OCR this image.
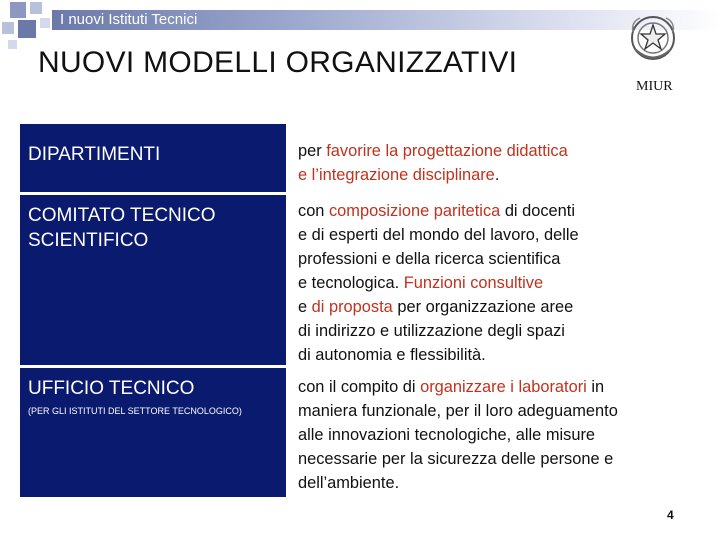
I nuovi Istituti Tecnici
NUOVI MODELLI ORGANIZZATIVI
MIUR
DIPARTIMENTI
COMITATO TECNICO
SCIENTIFICO
UFFICIO TECNICO
(PER GLI ISTITUTI DEL SETTORE TECNOLOGICO)
per favorire la progettazione didattica
e l’integrazione disciplinare.
con composizione paritetica di docenti
e di esperti del mondo del lavoro, delle
professioni e della ricerca scientifica
e tecnologica. Funzioni consultive
e di proposta per organizzazione aree
di indirizzo e utilizzazione degli spazi
di autonomia e flessibilità.
con il compito di organizzare i laboratori in
maniera funzionale, per il loro adeguamento
alle innovazioni tecnologiche, alle misure
necessarie per la sicurezza delle persone e
dell’ambiente.
4
